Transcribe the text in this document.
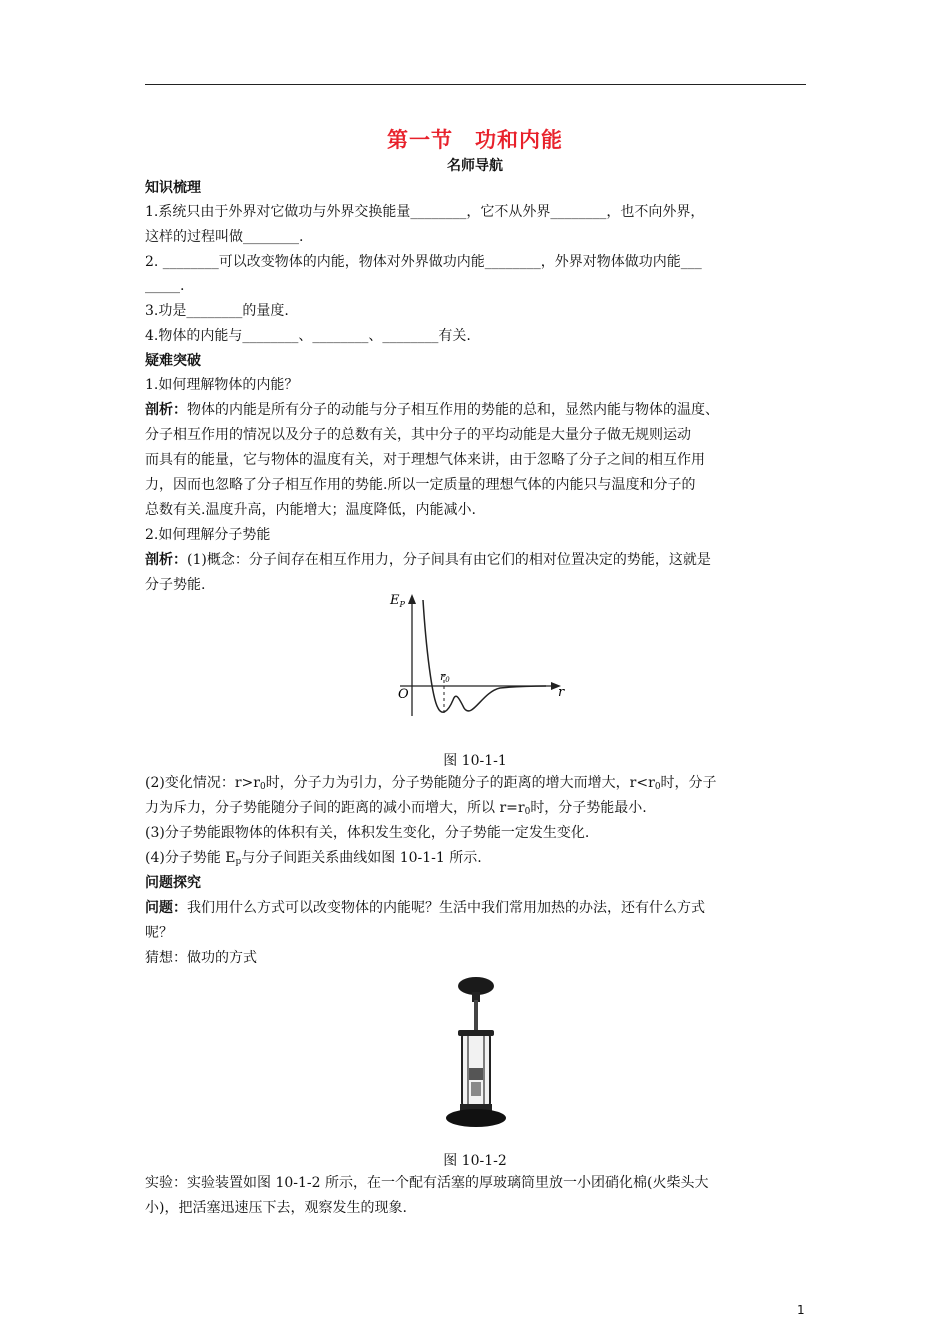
第一节　功和内能
名师导航
知识梳理
1.系统只由于外界对它做功与外界交换能量________，它不从外界________，也不向外界，
这样的过程叫做________.
2. ________可以改变物体的内能，物体对外界做功内能________，外界对物体做功内能___
_____.
3.功是________的量度.
4.物体的内能与________、________、________有关.
疑难突破
1.如何理解物体的内能？
剖析：物体的内能是所有分子的动能与分子相互作用的势能的总和，显然内能与物体的温度、
分子相互作用的情况以及分子的总数有关，其中分子的平均动能是大量分子做无规则运动
而具有的能量，它与物体的温度有关，对于理想气体来讲，由于忽略了分子之间的相互作用
力，因而也忽略了分子相互作用的势能.所以一定质量的理想气体的内能只与温度和分子的
总数有关.温度升高，内能增大；温度降低，内能减小.
2.如何理解分子势能
剖析：(1)概念：分子间存在相互作用力，分子间具有由它们的相对位置决定的势能，这就是
分子势能.
$E_P$
r
O
r0
图 10-1-1
(2)变化情况：$r>r_0$时，分子力为引力，分子势能随分子的距离的增大而增大，$r<r_0$时，分子
力为斥力，分子势能随分子间的距离的减小而增大，所以 $r=r_0$时，分子势能最小.
(3)分子势能跟物体的体积有关，体积发生变化，分子势能一定发生变化.
(4)分子势能 $E_p$与分子间距关系曲线如图 10-1-1 所示.
问题探究
问题：我们用什么方式可以改变物体的内能呢？生活中我们常用加热的办法，还有什么方式
呢？
猜想：做功的方式
图 10-1-2
实验：实验装置如图 10-1-2 所示，在一个配有活塞的厚玻璃筒里放一小团硝化棉(火柴头大
小)，把活塞迅速压下去，观察发生的现象.
1
